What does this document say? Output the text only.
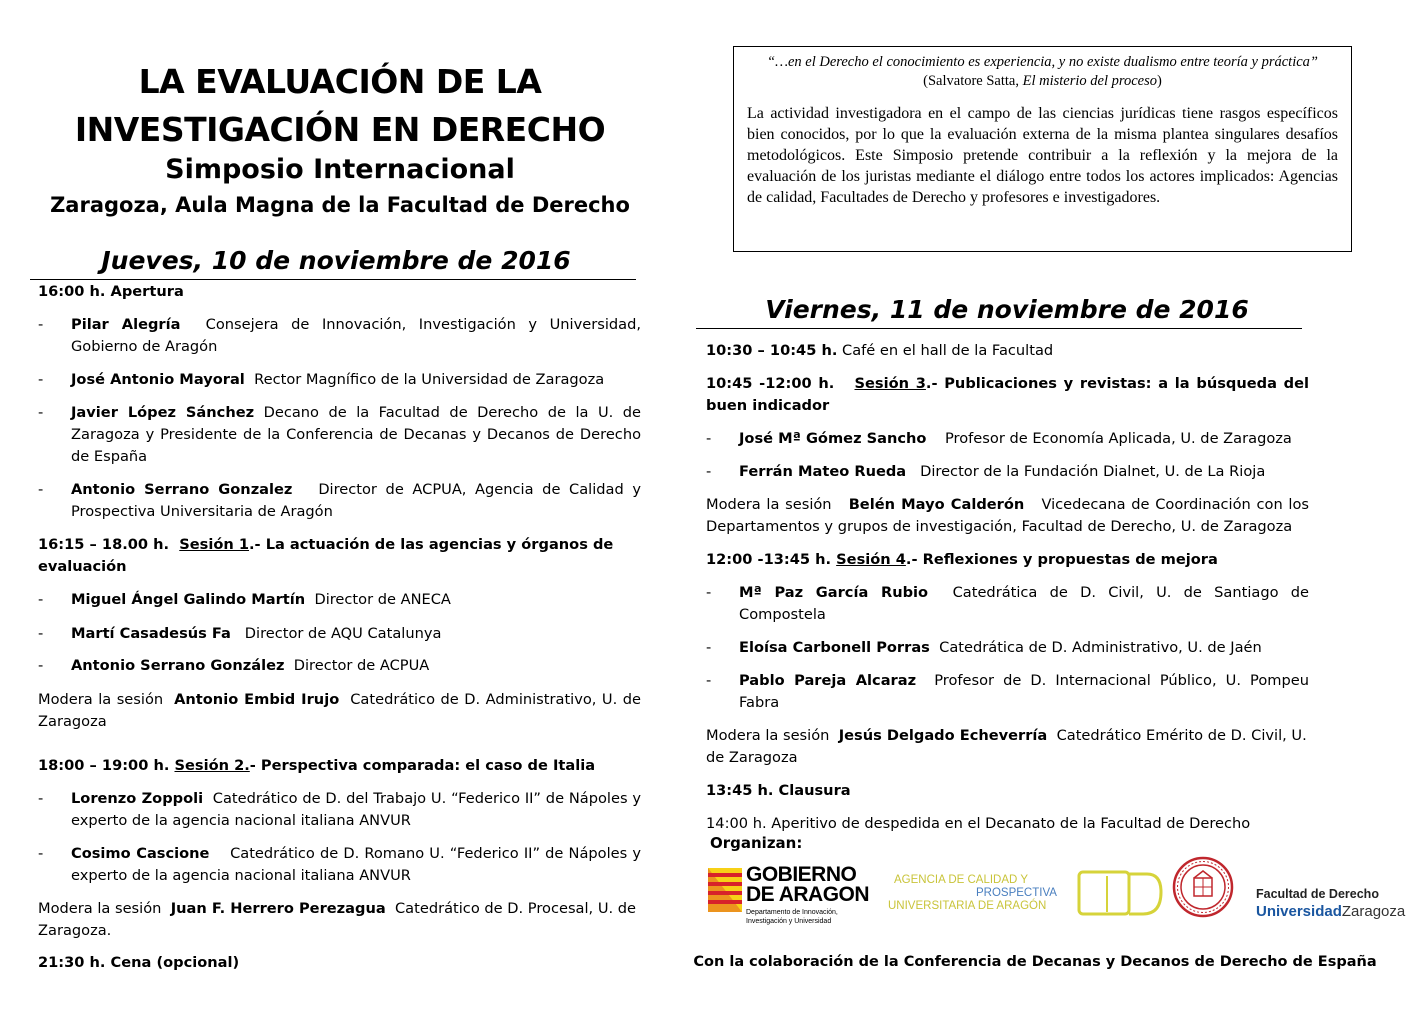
LA EVALUACIÓN DE LA
INVESTIGACIÓN EN DERECHO
Simposio Internacional
Zaragoza, Aula Magna de la Facultad de Derecho
“…en el Derecho el conocimiento es experiencia, y no existe dualismo entre teoría y práctica” (Salvatore Satta, El misterio del proceso)
La actividad investigadora en el campo de las ciencias jurídicas tiene rasgos específicos bien conocidos, por lo que la evaluación externa de la misma plantea singulares desafíos metodológicos. Este Simposio pretende contribuir a la reflexión y la mejora de la evaluación de los juristas mediante el diálogo entre todos los actores implicados: Agencias de calidad, Facultades de Derecho y profesores e investigadores.
Jueves, 10 de noviembre de 2016

16:00 h. Apertura

- Pilar Alegría Consejera de Innovación, Investigación y Universidad, Gobierno de Aragón

- José Antonio Mayoral Rector Magnífico de la Universidad de Zaragoza

- Javier López Sánchez Decano de la Facultad de Derecho de la U. de Zaragoza y Presidente de la Conferencia de Decanas y Decanos de Derecho de España

- Antonio Serrano Gonzalez Director de ACPUA, Agencia de Calidad y Prospectiva Universitaria de Aragón

16:15 – 18.00 h. Sesión 1.- La actuación de las agencias y órganos de evaluación

- Miguel Ángel Galindo Martín Director de ANECA

- Martí Casadesús Fa Director de AQU Catalunya

- Antonio Serrano González Director de ACPUA

Modera la sesión Antonio Embid Irujo Catedrático de D. Administrativo, U. de Zaragoza

18:00 – 19:00 h. Sesión 2.- Perspectiva comparada: el caso de Italia

- Lorenzo Zoppoli Catedrático de D. del Trabajo U. “Federico II” de Nápoles y experto de la agencia nacional italiana ANVUR

- Cosimo Cascione Catedrático de D. Romano U. “Federico II” de Nápoles y experto de la agencia nacional italiana ANVUR

Modera la sesión Juan F. Herrero Perezagua Catedrático de D. Procesal, U. de Zaragoza.

21:30 h. Cena (opcional)

Viernes, 11 de noviembre de 2016

10:30 – 10:45 h. Café en el hall de la Facultad

10:45 -12:00 h. Sesión 3.- Publicaciones y revistas: a la búsqueda del buen indicador

- José Mª Gómez Sancho Profesor de Economía Aplicada, U. de Zaragoza

- Ferrán Mateo Rueda Director de la Fundación Dialnet, U. de La Rioja

Modera la sesión Belén Mayo Calderón Vicedecana de Coordinación con los Departamentos y grupos de investigación, Facultad de Derecho, U. de Zaragoza

12:00 -13:45 h. Sesión 4.- Reflexiones y propuestas de mejora

- Mª Paz García Rubio Catedrática de D. Civil, U. de Santiago de Compostela

- Eloísa Carbonell Porras Catedrática de D. Administrativo, U. de Jaén

- Pablo Pareja Alcaraz Profesor de D. Internacional Público, U. Pompeu Fabra

Modera la sesión Jesús Delgado Echeverría Catedrático Emérito de D. Civil, U. de Zaragoza

13:45 h. Clausura

14:00 h. Aperitivo de despedida en el Decanato de la Facultad de Derecho

Organizan:
GOBIERNO
DE ARAGON
Departamento de Innovación,
Investigación y Universidad
AGENCIA DE CALIDAD Y
PROSPECTIVA
UNIVERSITARIA DE ARAGÓN
Facultad de Derecho
UniversidadZaragoza
Con la colaboración de la Conferencia de Decanas y Decanos de Derecho de España
